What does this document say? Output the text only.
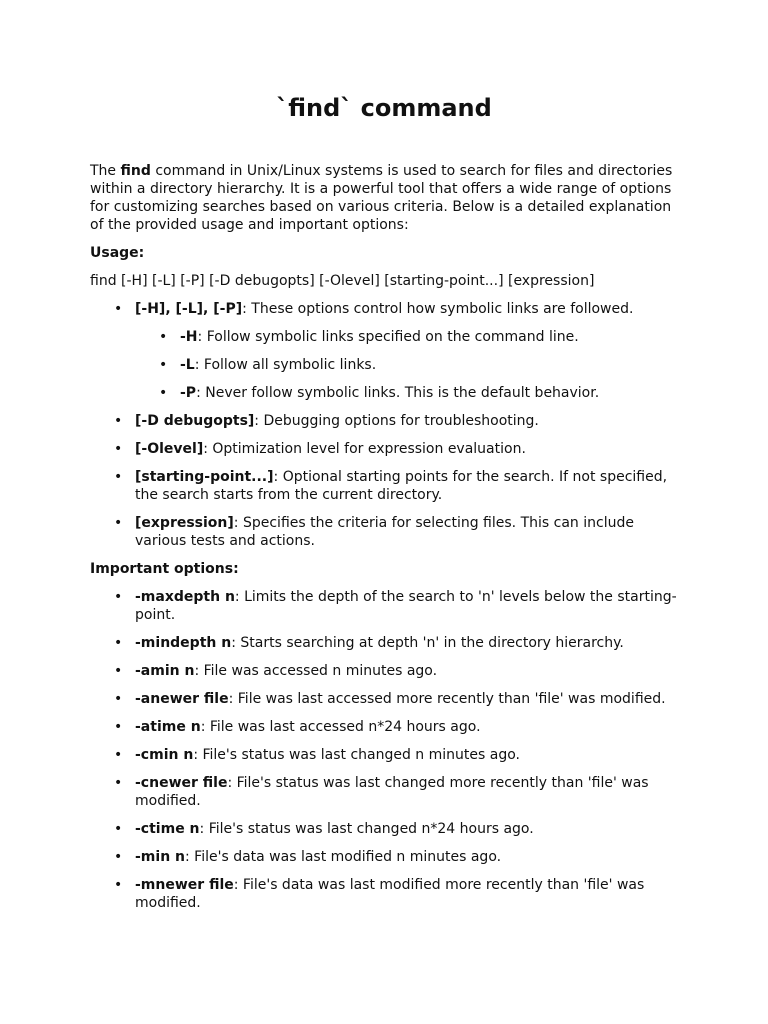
`find` command

The find command in Unix/Linux systems is used to search for files and directories within a directory hierarchy. It is a powerful tool that offers a wide range of options for customizing searches based on various criteria. Below is a detailed explanation of the provided usage and important options:

Usage:

find [-H] [-L] [-P] [-D debugopts] [-Olevel] [starting-point...] [expression]

• [-H], [-L], [-P]: These options control how symbolic links are followed.
• -H: Follow symbolic links specified on the command line.
• -L: Follow all symbolic links.
• -P: Never follow symbolic links. This is the default behavior.
• [-D debugopts]: Debugging options for troubleshooting.
• [-Olevel]: Optimization level for expression evaluation.
• [starting-point...]: Optional starting points for the search. If not specified, the search starts from the current directory.
• [expression]: Specifies the criteria for selecting files. This can include various tests and actions.

Important options:

• -maxdepth n: Limits the depth of the search to 'n' levels below the starting-point.
• -mindepth n: Starts searching at depth 'n' in the directory hierarchy.
• -amin n: File was accessed n minutes ago.
• -anewer file: File was last accessed more recently than 'file' was modified.
• -atime n: File was last accessed n*24 hours ago.
• -cmin n: File's status was last changed n minutes ago.
• -cnewer file: File's status was last changed more recently than 'file' was modified.
• -ctime n: File's status was last changed n*24 hours ago.
• -min n: File's data was last modified n minutes ago.
• -mnewer file: File's data was last modified more recently than 'file' was modified.
